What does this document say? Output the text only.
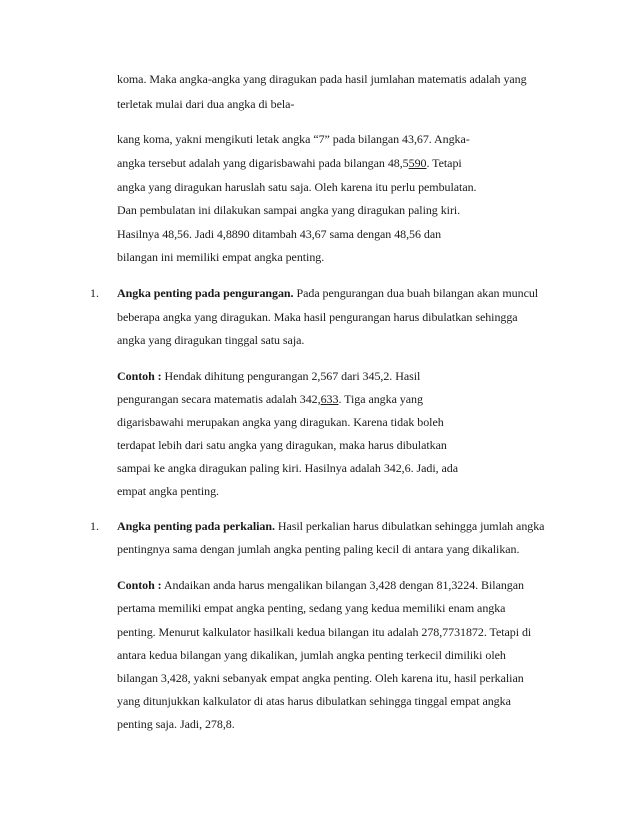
koma. Maka angka-angka yang diragukan pada hasil jumlahan matematis adalah yang
terletak mulai dari dua angka di bela-
kang koma, yakni mengikuti letak angka “7” pada bilangan 43,67. Angka-
angka tersebut adalah yang digarisbawahi pada bilangan 48,5590. Tetapi
angka yang diragukan haruslah satu saja. Oleh karena itu perlu pembulatan.
Dan pembulatan ini dilakukan sampai angka yang diragukan paling kiri.
Hasilnya 48,56. Jadi 4,8890 ditambah 43,67 sama dengan 48,56 dan
bilangan ini memiliki empat angka penting.
1. Angka penting pada pengurangan. Pada pengurangan dua buah bilangan akan muncul
beberapa angka yang diragukan. Maka hasil pengurangan harus dibulatkan sehingga
angka yang diragukan tinggal satu saja.
Contoh : Hendak dihitung pengurangan 2,567 dari 345,2. Hasil
pengurangan secara matematis adalah 342,633. Tiga angka yang
digarisbawahi merupakan angka yang diragukan. Karena tidak boleh
terdapat lebih dari satu angka yang diragukan, maka harus dibulatkan
sampai ke angka diragukan paling kiri. Hasilnya adalah 342,6. Jadi, ada
empat angka penting.
1. Angka penting pada perkalian. Hasil perkalian harus dibulatkan sehingga jumlah angka
pentingnya sama dengan jumlah angka penting paling kecil di antara yang dikalikan.
Contoh : Andaikan anda harus mengalikan bilangan 3,428 dengan 81,3224. Bilangan
pertama memiliki empat angka penting, sedang yang kedua memiliki enam angka
penting. Menurut kalkulator hasilkali kedua bilangan itu adalah 278,7731872. Tetapi di
antara kedua bilangan yang dikalikan, jumlah angka penting terkecil dimiliki oleh
bilangan 3,428, yakni sebanyak empat angka penting. Oleh karena itu, hasil perkalian
yang ditunjukkan kalkulator di atas harus dibulatkan sehingga tinggal empat angka
penting saja. Jadi, 278,8.
